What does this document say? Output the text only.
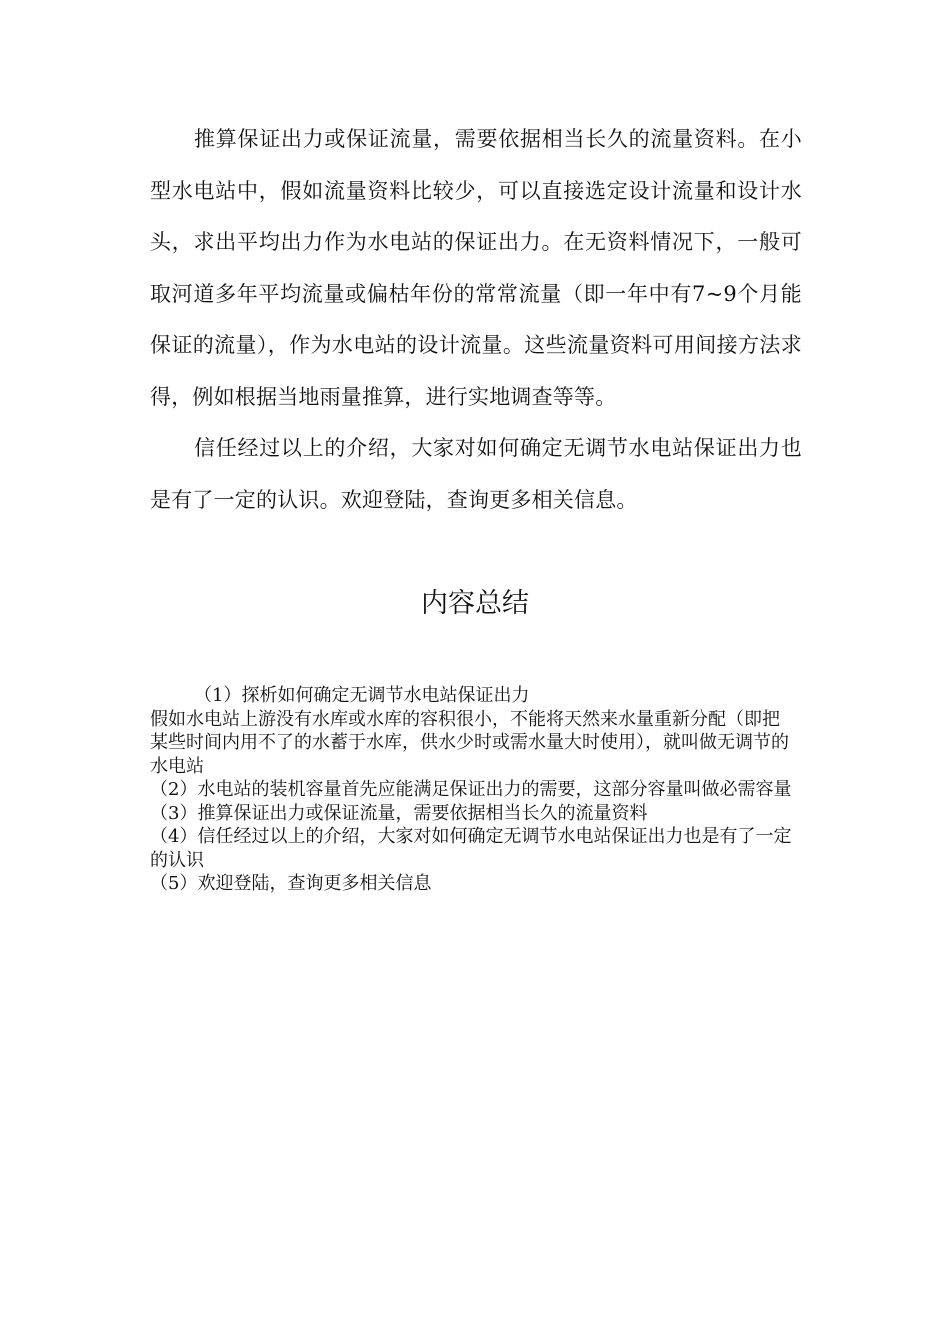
推算保证出力或保证流量，需要依据相当长久的流量资料。在小型水电站中，假如流量资料比较少，可以直接选定设计流量和设计水头，求出平均出力作为水电站的保证出力。在无资料情况下，一般可取河道多年平均流量或偏枯年份的常常流量（即一年中有7~9个月能保证的流量），作为水电站的设计流量。这些流量资料可用间接方法求得，例如根据当地雨量推算，进行实地调查等等。

信任经过以上的介绍，大家对如何确定无调节水电站保证出力也是有了一定的认识。欢迎登陆，查询更多相关信息。

内容总结

（1）探析如何确定无调节水电站保证出力

假如水电站上游没有水库或水库的容积很小，不能将天然来水量重新分配（即把某些时间内用不了的水蓄于水库，供水少时或需水量大时使用），就叫做无调节的水电站

（2）水电站的装机容量首先应能满足保证出力的需要，这部分容量叫做必需容量

（3）推算保证出力或保证流量，需要依据相当长久的流量资料

（4）信任经过以上的介绍，大家对如何确定无调节水电站保证出力也是有了一定的认识

（5）欢迎登陆，查询更多相关信息
